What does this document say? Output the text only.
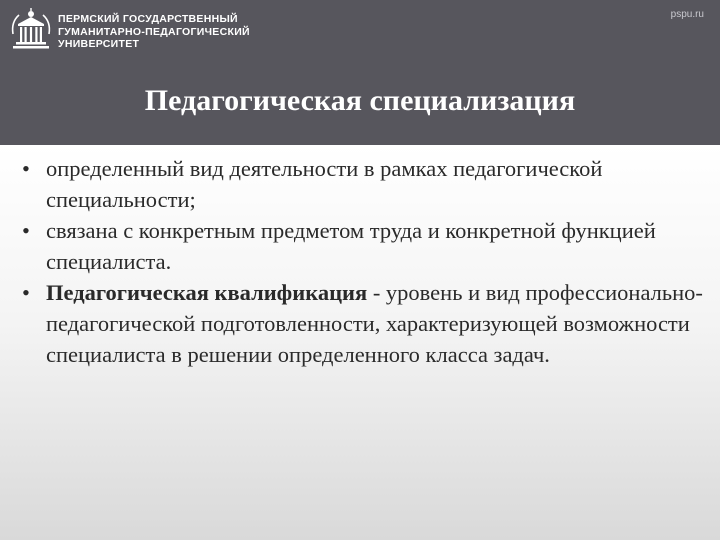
ПЕРМСКИЙ ГОСУДАРСТВЕННЫЙ
ГУМАНИТАРНО-ПЕДАГОГИЧЕСКИЙ
УНИВЕРСИТЕТ
pspu.ru
Педагогическая специализация
• определенный вид деятельности в рамках педагогической специальности;
• связана с конкретным предметом труда и конкретной функцией специалиста.
• Педагогическая квалификация - уровень и вид профессионально-педагогической подготовленности, характеризующей возможности специалиста в решении определенного класса задач.
